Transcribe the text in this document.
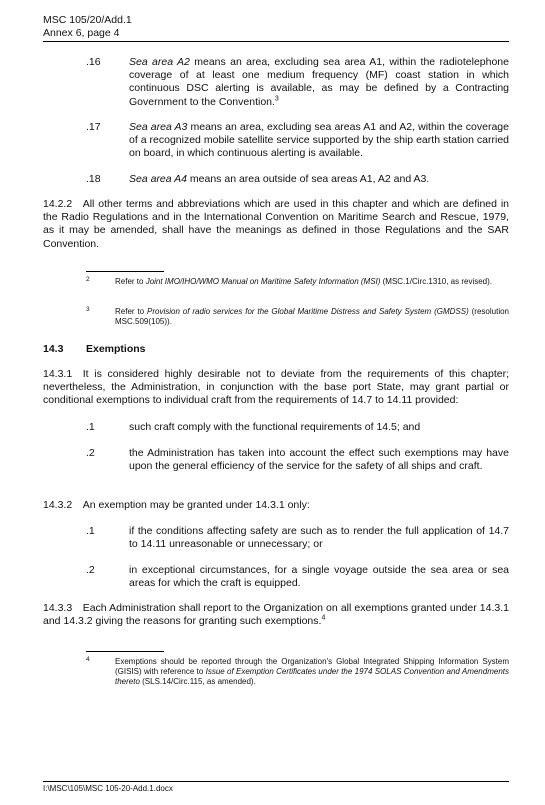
MSC 105/20/Add.1
Annex 6, page 4
.16	Sea area A2 means an area, excluding sea area A1, within the radiotelephone coverage of at least one medium frequency (MF) coast station in which continuous DSC alerting is available, as may be defined by a Contracting Government to the Convention.$^3$
.17	Sea area A3 means an area, excluding sea areas A1 and A2, within the coverage of a recognized mobile satellite service supported by the ship earth station carried on board, in which continuous alerting is available.
.18	Sea area A4 means an area outside of sea areas A1, A2 and A3.
14.2.2 All other terms and abbreviations which are used in this chapter and which are defined in the Radio Regulations and in the International Convention on Maritime Search and Rescue, 1979, as it may be amended, shall have the meanings as defined in those Regulations and the SAR Convention.
2	Refer to Joint IMO/IHO/WMO Manual on Maritime Safety Information (MSI) (MSC.1/Circ.1310, as revised).
3	Refer to Provision of radio services for the Global Maritime Distress and Safety System (GMDSS) (resolution MSC.509(105)).
14.3 Exemptions
14.3.1 It is considered highly desirable not to deviate from the requirements of this chapter; nevertheless, the Administration, in conjunction with the base port State, may grant partial or conditional exemptions to individual craft from the requirements of 14.7 to 14.11 provided:
.1	such craft comply with the functional requirements of 14.5; and
.2	the Administration has taken into account the effect such exemptions may have upon the general efficiency of the service for the safety of all ships and craft.
14.3.2 An exemption may be granted under 14.3.1 only:
.1	if the conditions affecting safety are such as to render the full application of 14.7 to 14.11 unreasonable or unnecessary; or
.2	in exceptional circumstances, for a single voyage outside the sea area or sea areas for which the craft is equipped.
14.3.3 Each Administration shall report to the Organization on all exemptions granted under 14.3.1 and 14.3.2 giving the reasons for granting such exemptions.$^4$
4	Exemptions should be reported through the Organization's Global Integrated Shipping Information System (GISIS) with reference to Issue of Exemption Certificates under the 1974 SOLAS Convention and Amendments thereto (SLS.14/Circ.115, as amended).
I:\MSC\105\MSC 105-20-Add.1.docx
